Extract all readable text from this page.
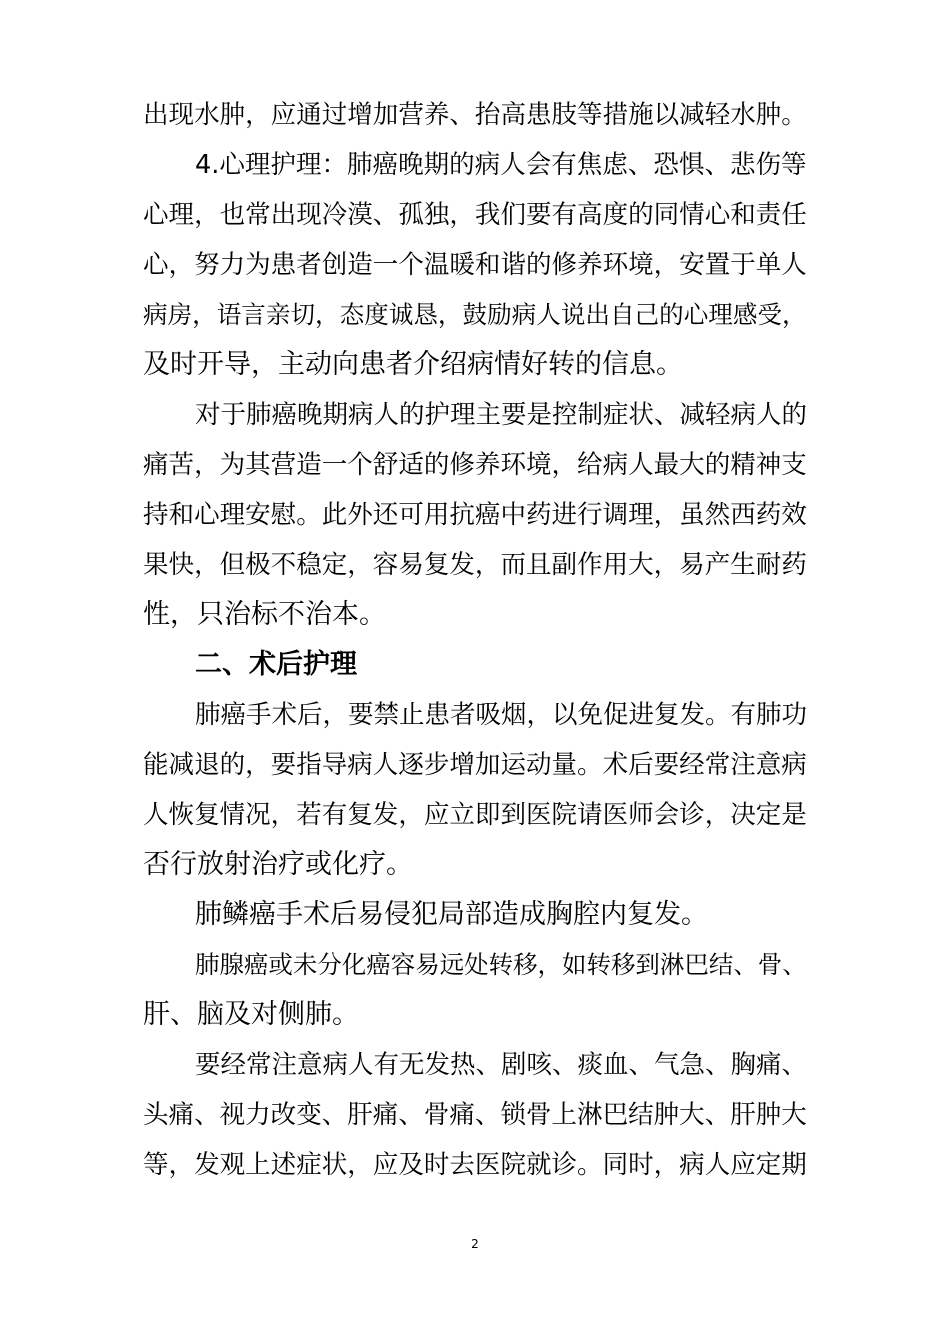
出现水肿，应通过增加营养、抬高患肢等措施以减轻水肿。
4.心理护理：肺癌晚期的病人会有焦虑、恐惧、悲伤等
心理，也常出现冷漠、孤独，我们要有高度的同情心和责任
心，努力为患者创造一个温暖和谐的修养环境，安置于单人
病房，语言亲切，态度诚恳，鼓励病人说出自己的心理感受，
及时开导，主动向患者介绍病情好转的信息。
对于肺癌晚期病人的护理主要是控制症状、减轻病人的
痛苦，为其营造一个舒适的修养环境，给病人最大的精神支
持和心理安慰。此外还可用抗癌中药进行调理，虽然西药效
果快，但极不稳定，容易复发，而且副作用大，易产生耐药
性，只治标不治本。
二、术后护理
肺癌手术后，要禁止患者吸烟，以免促进复发。有肺功
能减退的，要指导病人逐步增加运动量。术后要经常注意病
人恢复情况，若有复发，应立即到医院请医师会诊，决定是
否行放射治疗或化疗。
肺鳞癌手术后易侵犯局部造成胸腔内复发。
肺腺癌或未分化癌容易远处转移，如转移到淋巴结、骨、
肝、脑及对侧肺。
要经常注意病人有无发热、剧咳、痰血、气急、胸痛、
头痛、视力改变、肝痛、骨痛、锁骨上淋巴结肿大、肝肿大
等，发观上述症状，应及时去医院就诊。同时，病人应定期
2
